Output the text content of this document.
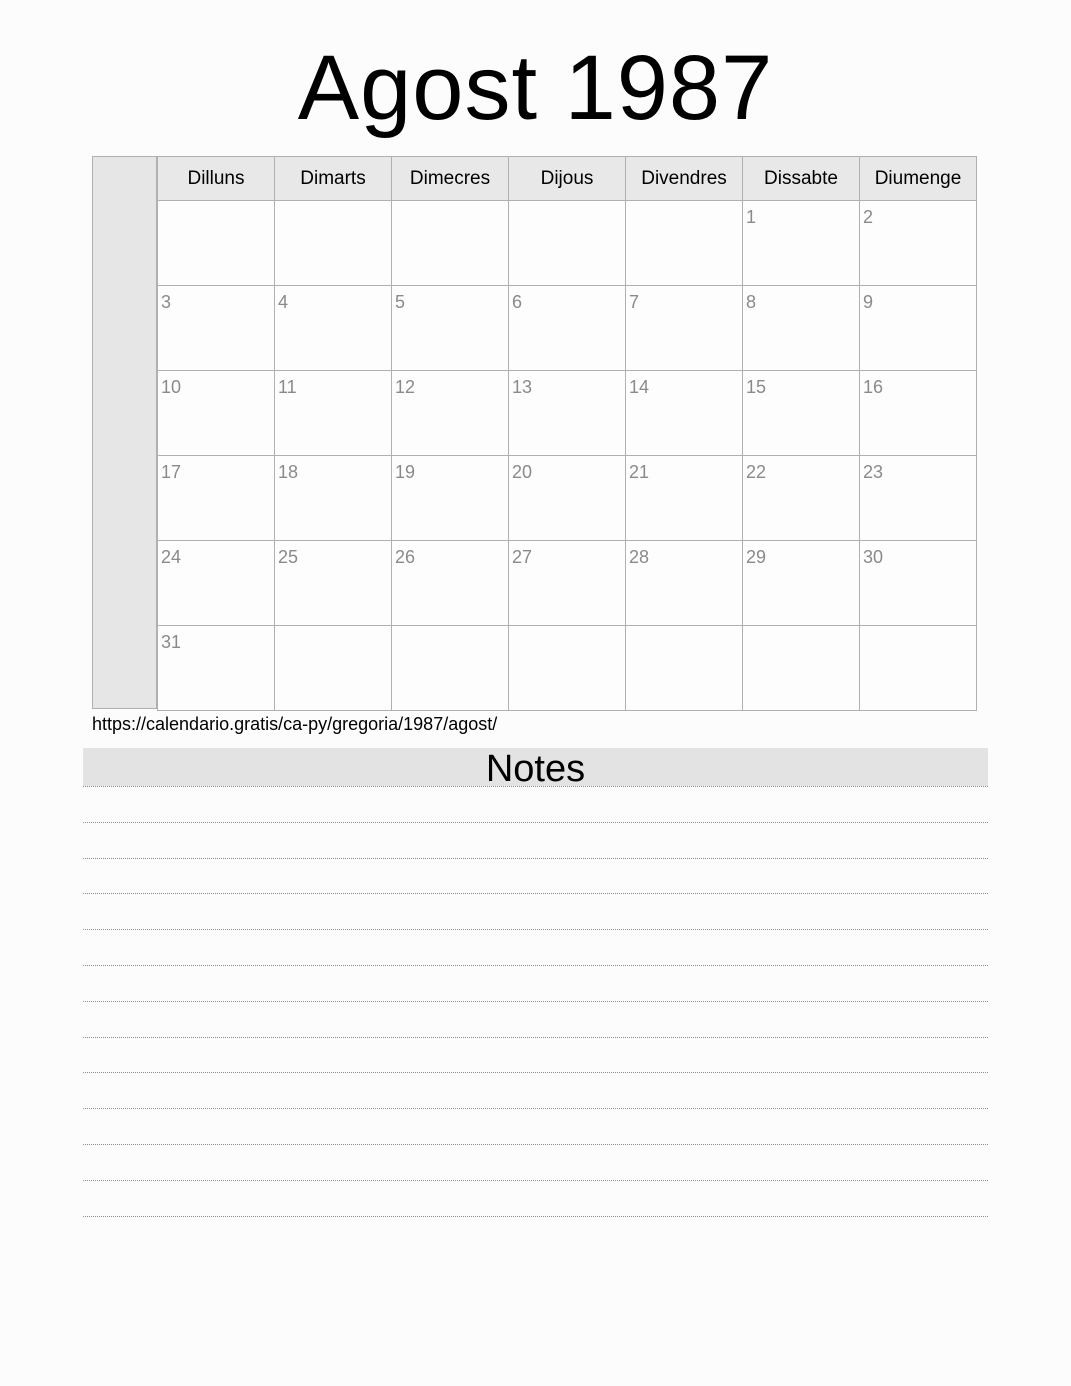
Agost 1987
Dilluns	Dimarts	Dimecres	Dijous	Divendres	Dissabte	Diumenge

					1	2

3	4	5	6	7	8	9

10	11	12	13	14	15	16

17	18	19	20	21	22	23

24	25	26	27	28	29	30

31						

https://calendario.gratis/ca-py/gregoria/1987/agost/
Notes
